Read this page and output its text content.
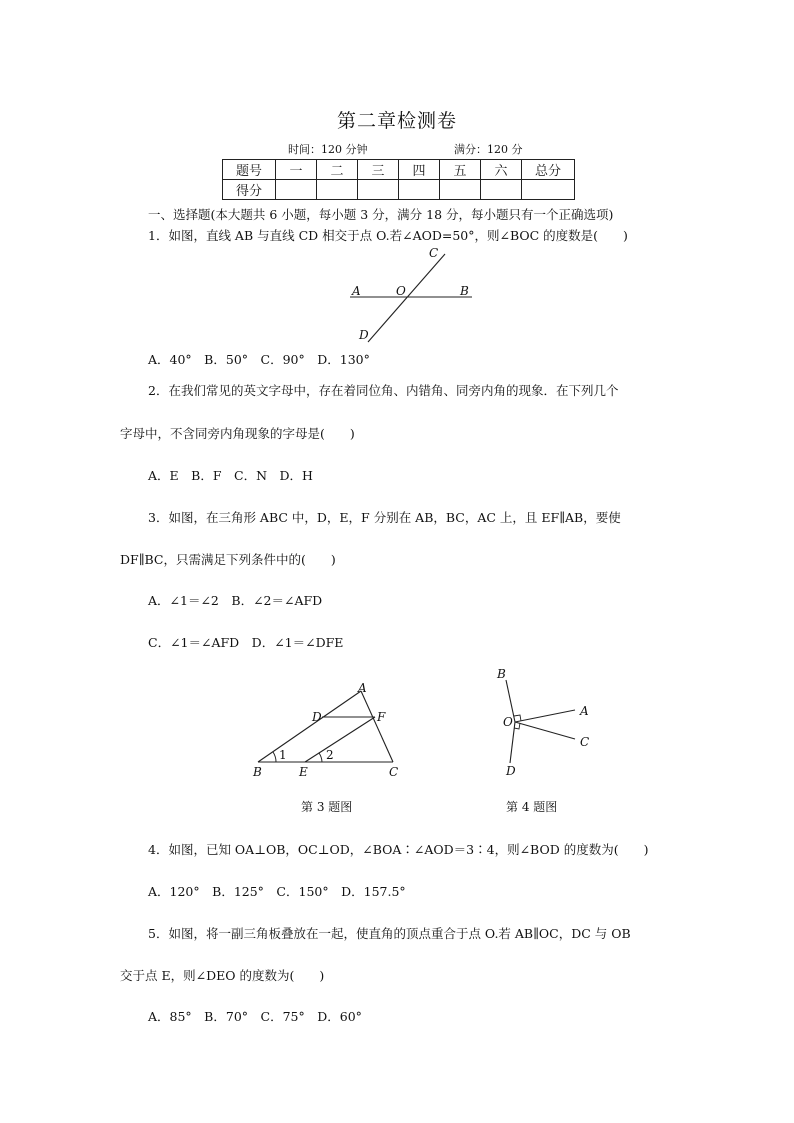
第二章检测卷
时间：120 分钟	满分：120 分
题号	一	二	三	四	五	六	总分
得分							
一、选择题(本大题共 6 小题，每小题 3 分，满分 18 分，每小题只有一个正确选项)
1．如图，直线 AB 与直线 CD 相交于点 O.若∠AOD=50°，则∠BOC 的度数是(　　)
A	O	B
C
D
A．40°　B．50°　C．90°　D．130°
2．在我们常见的英文字母中，存在着同位角、内错角、同旁内角的现象．在下列几个
字母中，不含同旁内角现象的字母是(　　)
A．E　B．F　C．N　D．H
3．如图，在三角形 ABC 中，D，E，F 分别在 AB，BC，AC 上，且 EF∥AB，要使
DF∥BC，只需满足下列条件中的(　　)
A．∠1＝∠2　B．∠2＝∠AFD
C．∠1＝∠AFD　D．∠1＝∠DFE
A
D	F
B	E	C
1	2
第 3 题图
B
O
A
C
D
第 4 题图
4．如图，已知 OA⊥OB，OC⊥OD，∠BOA∶∠AOD＝3∶4，则∠BOD 的度数为(　　)
A．120°　B．125°　C．150°　D．157.5°
5．如图，将一副三角板叠放在一起，使直角的顶点重合于点 O.若 AB∥OC，DC 与 OB
交于点 E，则∠DEO 的度数为(　　)
A．85°　B．70°　C．75°　D．60°
